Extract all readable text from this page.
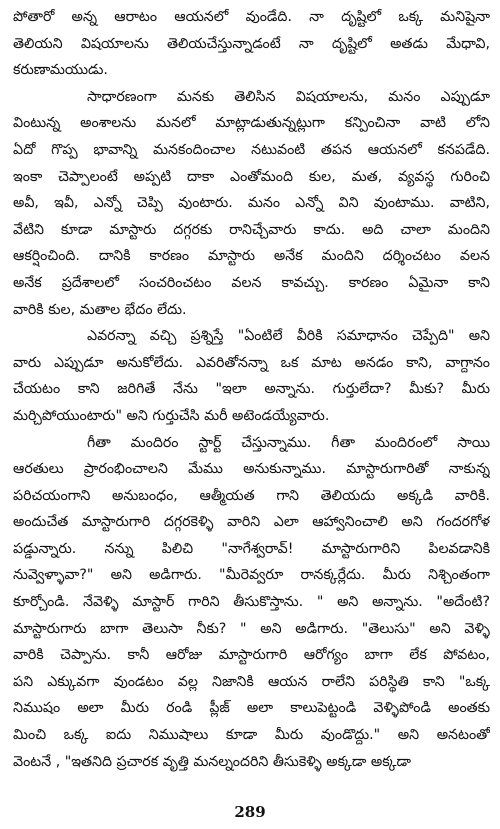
పోతారో అన్న ఆరాటం ఆయనలో వుండేది. నా దృష్టిలో ఒక్క మనిషైనా
తెలియని విషయాలను తెలియచేస్తున్నాడంటే నా దృష్టిలో అతడు మేధావి,
కరుణామయుడు.
సాధారణంగా మనకు తెలిసిన విషయాలను, మనం ఎప్పుడూ
వింటున్న అంశాలను మనలో మాట్లాడుతున్నట్లుగా కన్పించినా వాటి లోని
ఏదో గొప్ప భావాన్ని మనకందించాల నటువంటి తపన ఆయనలో కనపడేది.
ఇంకా చెప్పాలంటే అప్పటి దాకా ఎంతోమంది కుల, మత, వ్యవస్థ గురించి
అవీ, ఇవీ, ఎన్నో చెప్పి వుంటారు. మనం ఎన్నో విని వుంటాము. వాటిని,
వేటిని కూడా మాస్టారు దగ్గరకు రానిచ్చేవారు కాదు. అది చాలా మందిని
ఆకర్షించింది. దానికి కారణం మాస్టారు అనేక మందిని దర్శించటం వలన
అనేక ప్రదేశాలలో సంచరించటం వలన కావచ్చు. కారణం ఏమైనా కాని
వారికి కుల, మతాల భేదం లేదు.
ఎవరన్నా వచ్చి ప్రశ్నిస్తే "ఏంటిలే వీరికి సమాధానం చెప్పేది" అని
వారు ఎప్పుడూ అనుకోలేదు. ఎవరితోనన్నా ఒక మాట అనడం కాని, వాగ్దానం
చేయటం కాని జరిగితే నేను "ఇలా అన్నాను. గుర్తులేదా? మీకు? మీరు
మర్చిపోయుంటారు" అని గుర్తుచేసి మరీ అటెండయ్యేవారు.
గీతా మందిరం స్టార్ట్ చేస్తున్నాము. గీతా మందిరంలో సాయి
ఆరతులు ప్రారంభించాలని మేము అనుకున్నాము. మాస్టారుగారితో నాకున్న
పరిచయంగాని అనుబంధం, ఆత్మీయత గాని తెలియదు అక్కడి వారికి.
అందుచేత మాస్టారుగారి దగ్గరకెళ్ళి వారిని ఎలా ఆహ్వానించాలి అని గందరగోళ
పడ్డున్నారు. నన్ను పిలిచి "నాగేశ్వరావ్! మాస్టారుగారిని పిలవడానికి
నువ్వెళ్ళావా?" అని అడిగారు. "మీరెవ్వరూ రానక్కర్లేదు. మీరు నిశ్చింతంగా
కూర్చోండి. నేవెళ్ళి మాస్టార్ గారిని తీసుకొస్తాను. " అని అన్నాను. "అదేంటి?
మాస్టారుగారు బాగా తెలుసా నీకు? " అని అడిగారు. "తెలుసు" అని వెళ్ళి
వారికి చెప్పాను. కానీ ఆరోజు మాస్టారుగారి ఆరోగ్యం బాగా లేక పోవటం,
పని ఎక్కువగా వుండటం వల్ల నిజానికి ఆయన రాలేని పరిస్థితి కాని "ఒక్క
నిముషం అలా మీరు రండి ప్లీజ్ అలా కాలుపెట్టండి వెళ్ళిపోండి అంతకు
మించి ఒక్క ఐదు నిముషాలు కూడా మీరు వుండొద్దు." అని అనటంతో
వెంటనే , "ఇతనిది ప్రచారక వృత్తి మనల్నందరిని తీసుకెళ్ళి అక్కడా అక్కడా
289
